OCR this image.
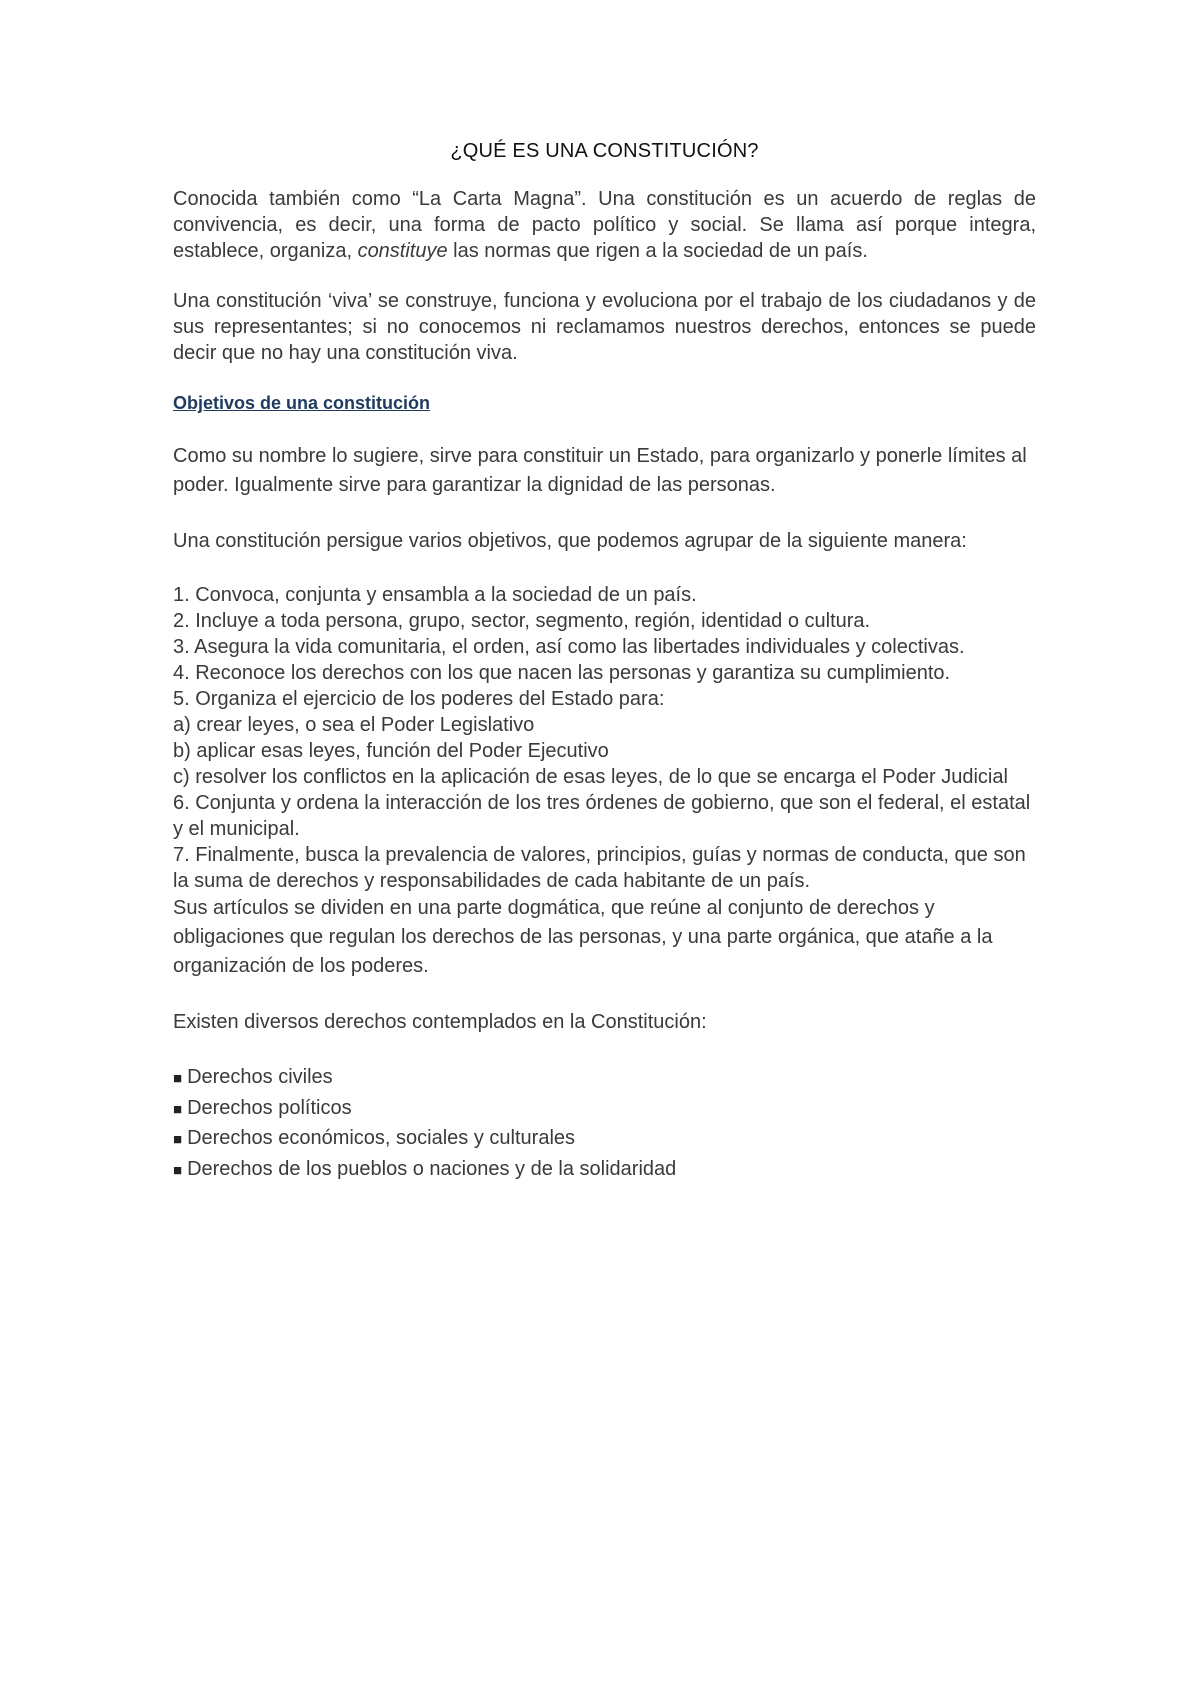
¿QUÉ ES UNA CONSTITUCIÓN?

Conocida también como “La Carta Magna”. Una constitución es un acuerdo de reglas de convivencia, es decir, una forma de pacto político y social. Se llama así porque integra, establece, organiza, constituye las normas que rigen a la sociedad de un país.

Una constitución ‘viva’ se construye, funciona y evoluciona por el trabajo de los ciudadanos y de sus representantes; si no conocemos ni reclamamos nuestros derechos, entonces se puede decir que no hay una constitución viva.

Objetivos de una constitución

Como su nombre lo sugiere, sirve para constituir un Estado, para organizarlo y ponerle límites al poder. Igualmente sirve para garantizar la dignidad de las personas.

Una constitución persigue varios objetivos, que podemos agrupar de la siguiente manera:

1. Convoca, conjunta y ensambla a la sociedad de un país.
2. Incluye a toda persona, grupo, sector, segmento, región, identidad o cultura.
3. Asegura la vida comunitaria, el orden, así como las libertades individuales y colectivas.
4. Reconoce los derechos con los que nacen las personas y garantiza su cumplimiento.
5. Organiza el ejercicio de los poderes del Estado para:
a) crear leyes, o sea el Poder Legislativo
b) aplicar esas leyes, función del Poder Ejecutivo
c) resolver los conflictos en la aplicación de esas leyes, de lo que se encarga el Poder Judicial
6. Conjunta y ordena la interacción de los tres órdenes de gobierno, que son el federal, el estatal y el municipal.
7. Finalmente, busca la prevalencia de valores, principios, guías y normas de conducta, que son la suma de derechos y responsabilidades de cada habitante de un país.

Sus artículos se dividen en una parte dogmática, que reúne al conjunto de derechos y obligaciones que regulan los derechos de las personas, y una parte orgánica, que atañe a la organización de los poderes.

Existen diversos derechos contemplados en la Constitución:

■ Derechos civiles
■ Derechos políticos
■ Derechos económicos, sociales y culturales
■ Derechos de los pueblos o naciones y de la solidaridad
